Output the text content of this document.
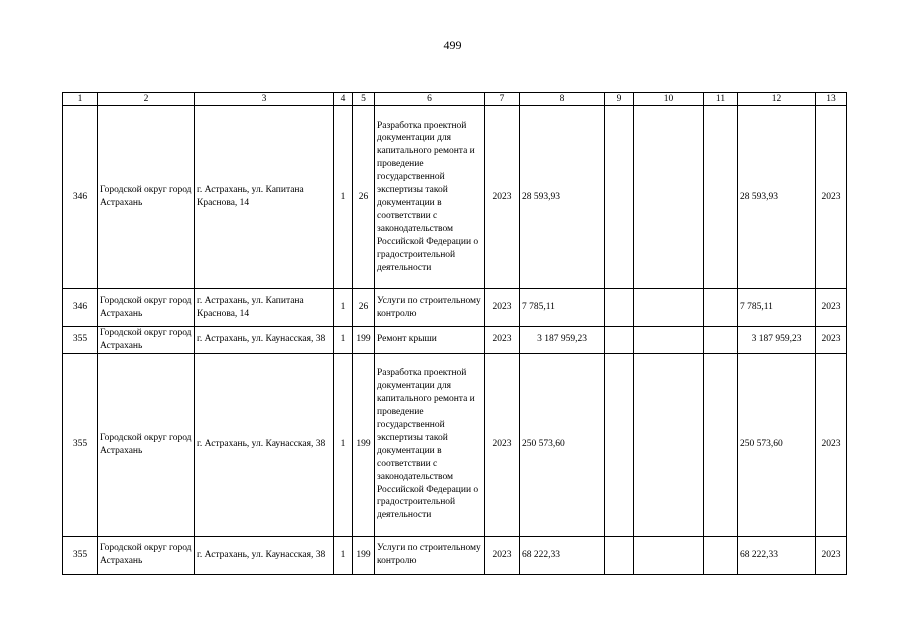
499
1	2	3	4	5	6	7	8	9	10	11	12	13
346	Городской округ город Астрахань	г. Астрахань, ул. Капитана Краснова, 14	1	26	Разработка проектной документации для капитального ремонта и проведение государственной экспертизы такой документации в соответствии с законодательством Российской Федерации о градостроительной деятельности	2023	28 593,93				28 593,93	2023
346	Городской округ город Астрахань	г. Астрахань, ул. Капитана Краснова, 14	1	26	Услуги по строительному контролю	2023	7 785,11				7 785,11	2023
355	Городской округ город Астрахань	г. Астрахань, ул. Каунасская, 38	1	199	Ремонт крыши	2023	3 187 959,23				3 187 959,23	2023
355	Городской округ город Астрахань	г. Астрахань, ул. Каунасская, 38	1	199	Разработка проектной документации для капитального ремонта и проведение государственной экспертизы такой документации в соответствии с законодательством Российской Федерации о градостроительной деятельности	2023	250 573,60				250 573,60	2023
355	Городской округ город Астрахань	г. Астрахань, ул. Каунасская, 38	1	199	Услуги по строительному контролю	2023	68 222,33				68 222,33	2023
